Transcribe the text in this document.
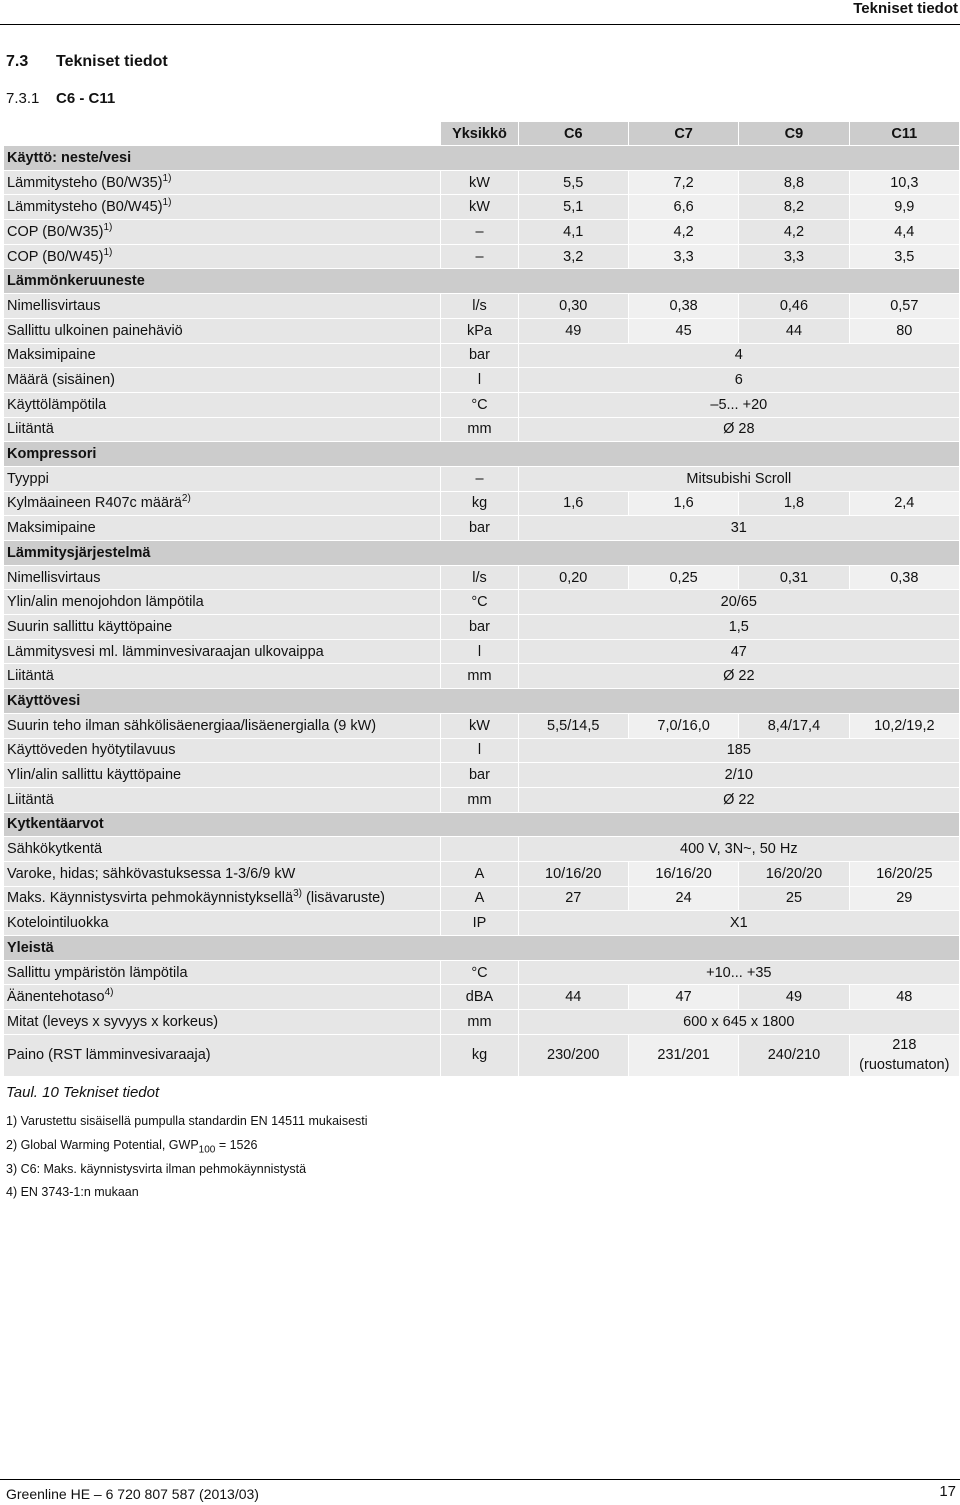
Tekniset tiedot
7.3 Tekniset tiedot
7.3.1 C6 - C11
	Yksikkö	C6	C7	C9	C11
Käyttö: neste/vesi					
Lämmitysteho $(B0/W35)^{1)}$	kW	5,5	7,2	8,8	10,3
Lämmitysteho $(B0/W45)^{1)}$	kW	5,1	6,6	8,2	9,9
COP $(B0/W35)^{1)}$	–	4,1	4,2	4,2	4,4
COP $(B0/W45)^{1)}$	–	3,2	3,3	3,3	3,5
Lämmönkeruuneste					
Nimellisvirtaus	l/s	0,30	0,38	0,46	0,57
Sallittu ulkoinen painehäviö	kPa	49	45	44	80
Maksimipaine	bar	4			
Määrä (sisäinen)	l	6			
Käyttölämpötila	°C	–5... +20			
Liitäntä	mm	Ø 28			
Kompressori					
Tyyppi	–	Mitsubishi Scroll			
Kylmäaineen R407c määrä$^{2)}$	kg	1,6	1,6	1,8	2,4
Maksimipaine	bar	31			
Lämmitysjärjestelmä					
Nimellisvirtaus	l/s	0,20	0,25	0,31	0,38
Ylin/alin menojohdon lämpötila	°C	20/65			
Suurin sallittu käyttöpaine	bar	1,5			
Lämmitysvesi ml. lämminvesivaraajan ulkovaippa	l	47			
Liitäntä	mm	Ø 22			
Käyttövesi					
Suurin teho ilman sähkölisäenergiaa/lisäenergialla (9 kW)	kW	5,5/14,5	7,0/16,0	8,4/17,4	10,2/19,2
Käyttöveden hyötytilavuus	l	185			
Ylin/alin sallittu käyttöpaine	bar	2/10			
Liitäntä	mm	Ø 22			
Kytkentäarvot					
Sähkökytkentä		400 V, 3N~, 50 Hz			
Varoke, hidas; sähkövastuksessa 1-3/6/9 kW	A	10/16/20	16/16/20	16/20/20	16/20/25
Maks. Käynnistysvirta pehmokäynnistyksellä$^{3)}$ (lisävaruste)	A	27	24	25	29
Kotelointiluokka	IP	X1			
Yleistä					
Sallittu ympäristön lämpötila	°C	+10... +35			
Äänentehotaso$^{4)}$	dBA	44	47	49	48
Mitat (leveys x syvyys x korkeus)	mm	600 x 645 x 1800			
Paino (RST lämminvesivaraaja)	kg	230/200	231/201	240/210	218
(ruostumaton)
Taul. 10 Tekniset tiedot
1) Varustettu sisäisellä pumpulla standardin EN 14511 mukaisesti
2) Global Warming Potential, $GWP_{100} = 1526$
3) C6: Maks. käynnistysvirta ilman pehmokäynnistystä
4) EN 3743-1:n mukaan
Greenline HE – 6 720 807 587 (2013/03)	17
